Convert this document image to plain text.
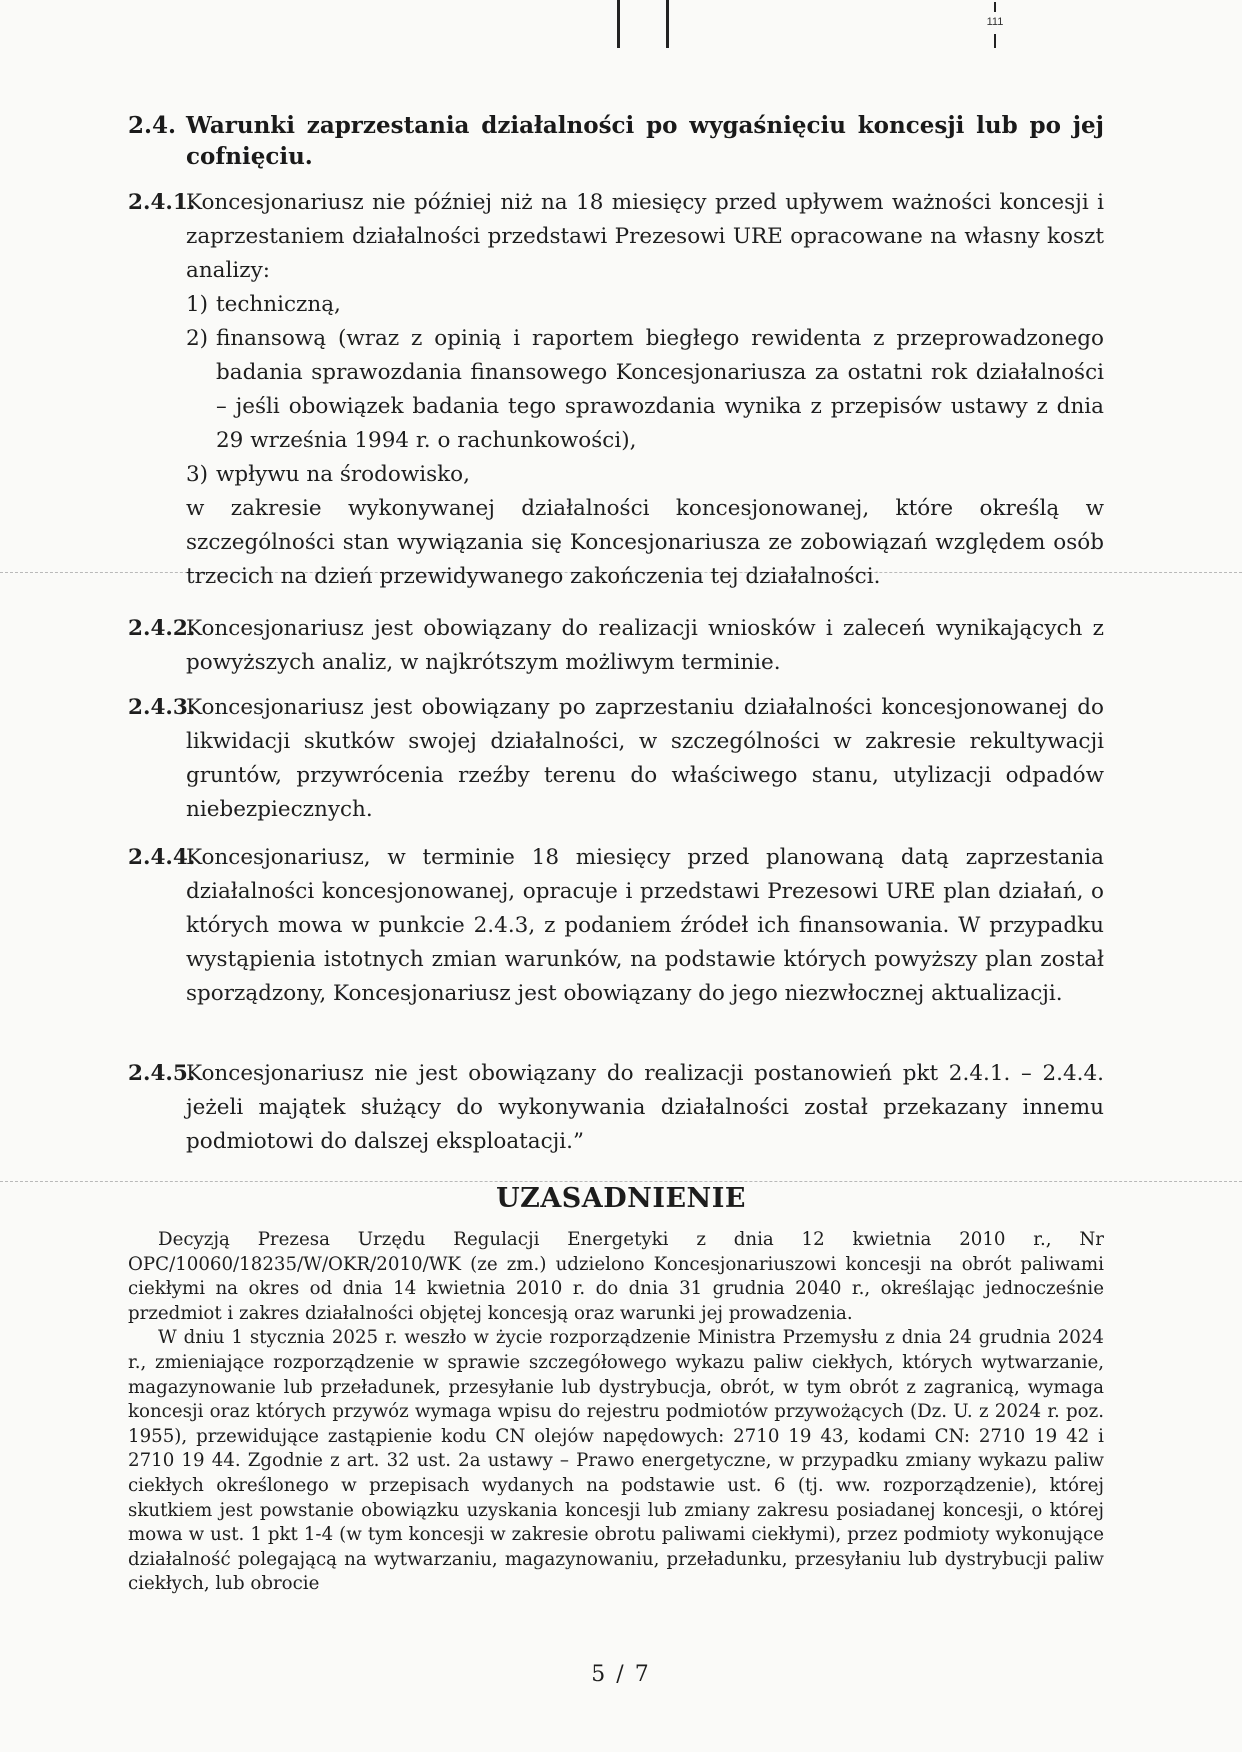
111
2.4. Warunki zaprzestania działalności po wygaśnięciu koncesji lub po jej cofnięciu.
2.4.1.
Koncesjonariusz nie później niż na 18 miesięcy przed upływem ważności koncesji i zaprzestaniem działalności przedstawi Prezesowi URE opracowane na własny koszt analizy:
1) techniczną,
2) finansową (wraz z opinią i raportem biegłego rewidenta z przeprowadzonego badania sprawozdania finansowego Koncesjonariusza za ostatni rok działalności – jeśli obowiązek badania tego sprawozdania wynika z przepisów ustawy z dnia 29 września 1994 r. o rachunkowości),
3) wpływu na środowisko,
w zakresie wykonywanej działalności koncesjonowanej, które określą w szczególności stan wywiązania się Koncesjonariusza ze zobowiązań względem osób trzecich na dzień przewidywanego zakończenia tej działalności.
2.4.2.
Koncesjonariusz jest obowiązany do realizacji wniosków i zaleceń wynikających z powyższych analiz, w najkrótszym możliwym terminie.
2.4.3.
Koncesjonariusz jest obowiązany po zaprzestaniu działalności koncesjonowanej do likwidacji skutków swojej działalności, w szczególności w zakresie rekultywacji gruntów, przywrócenia rzeźby terenu do właściwego stanu, utylizacji odpadów niebezpiecznych.
2.4.4.
Koncesjonariusz, w terminie 18 miesięcy przed planowaną datą zaprzestania działalności koncesjonowanej, opracuje i przedstawi Prezesowi URE plan działań, o których mowa w punkcie 2.4.3, z podaniem źródeł ich finansowania. W przypadku wystąpienia istotnych zmian warunków, na podstawie których powyższy plan został sporządzony, Koncesjonariusz jest obowiązany do jego niezwłocznej aktualizacji.
2.4.5.
Koncesjonariusz nie jest obowiązany do realizacji postanowień pkt 2.4.1. – 2.4.4. jeżeli majątek służący do wykonywania działalności został przekazany innemu podmiotowi do dalszej eksploatacji.”
UZASADNIENIE

Decyzją Prezesa Urzędu Regulacji Energetyki z dnia 12 kwietnia 2010 r., Nr OPC/10060/18235/W/OKR/2010/WK (ze zm.) udzielono Koncesjonariuszowi koncesji na obrót paliwami ciekłymi na okres od dnia 14 kwietnia 2010 r. do dnia 31 grudnia 2040 r., określając jednocześnie przedmiot i zakres działalności objętej koncesją oraz warunki jej prowadzenia.

W dniu 1 stycznia 2025 r. weszło w życie rozporządzenie Ministra Przemysłu z dnia 24 grudnia 2024 r., zmieniające rozporządzenie w sprawie szczegółowego wykazu paliw ciekłych, których wytwarzanie, magazynowanie lub przeładunek, przesyłanie lub dystrybucja, obrót, w tym obrót z zagranicą, wymaga koncesji oraz których przywóz wymaga wpisu do rejestru podmiotów przywożących (Dz. U. z 2024 r. poz. 1955), przewidujące zastąpienie kodu CN olejów napędowych: 2710 19 43, kodami CN: 2710 19 42 i 2710 19 44. Zgodnie z art. 32 ust. 2a ustawy – Prawo energetyczne, w przypadku zmiany wykazu paliw ciekłych określonego w przepisach wydanych na podstawie ust. 6 (tj. ww. rozporządzenie), której skutkiem jest powstanie obowiązku uzyskania koncesji lub zmiany zakresu posiadanej koncesji, o której mowa w ust. 1 pkt 1-4 (w tym koncesji w zakresie obrotu paliwami ciekłymi), przez podmioty wykonujące działalność polegającą na wytwarzaniu, magazynowaniu, przeładunku, przesyłaniu lub dystrybucji paliw ciekłych, lub obrocie

5 / 7
